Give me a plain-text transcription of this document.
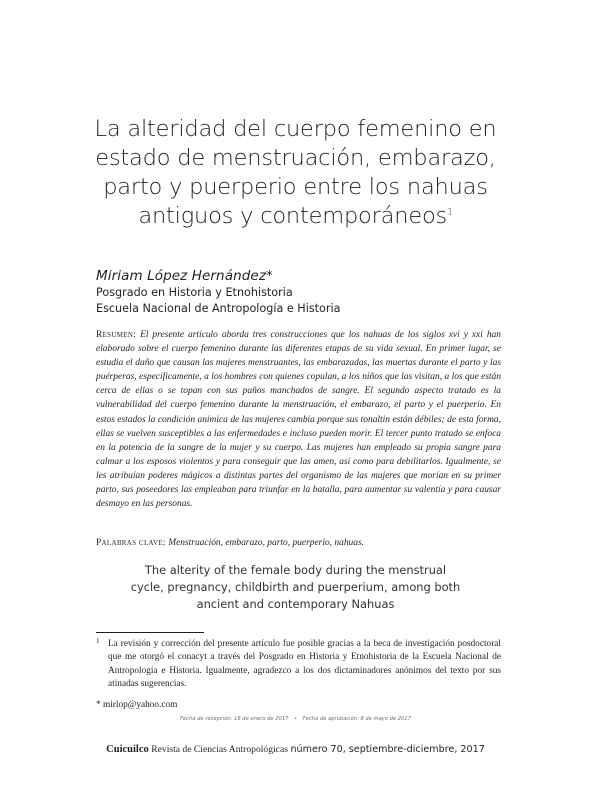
La alteridad del cuerpo femenino en
estado de menstruación, embarazo,
parto y puerperio entre los nahuas
antiguos y contemporáneos$^1$
Miriam López Hernández*
Posgrado en Historia y Etnohistoria
Escuela Nacional de Antropología e Historia
Resumen: El presente artículo aborda tres construcciones que los nahuas de los siglos xvi y xxi han elaborado sobre el cuerpo femenino durante las diferentes etapas de su vida sexual. En primer lugar, se estudia el daño que causan las mujeres menstruantes, las embarazadas, las muertas durante el parto y las puérperas, específicamente, a los hombres con quienes copulan, a los niños que las visitan, a los que están cerca de ellas o se topan con sus paños manchados de sangre. El segundo aspecto tratado es la vulnerabilidad del cuerpo femenino durante la menstruación, el embarazo, el parto y el puerperio. En estos estados la condición anímica de las mujeres cambia porque sus tonaltin están débiles; de esta forma, ellas se vuelven susceptibles a las enfermedades e incluso pueden morir. El tercer punto tratado se enfoca en la potencia de la sangre de la mujer y su cuerpo. Las mujeres han empleado su propia sangre para calmar a los esposos violentos y para conseguir que las amen, así como para debilitarlos. Igualmente, se les atribuían poderes mágicos a distintas partes del organismo de las mujeres que morían en su primer parto, sus poseedores las empleaban para triunfar en la batalla, para aumentar su valentía y para causar desmayo en las personas.
Palabras clave: Menstruación, embarazo, parto, puerperio, nahuas.
The alterity of the female body during the menstrual cycle, pregnancy, childbirth and puerperium, among both ancient and contemporary Nahuas
1 La revisión y corrección del presente artículo fue posible gracias a la beca de investigación posdoctoral que me otorgó el conacyt a través del Posgrado en Historia y Etnohistoria de la Escuela Nacional de Antropología e Historia. Igualmente, agradezco a los dos dictaminadores anónimos del texto por sus atinadas sugerencias.
* mirlop@yahoo.com
Fecha de recepción: 18 de enero de 2017 • Fecha de aprobación: 8 de mayo de 2017
Cuicuilco Revista de Ciencias Antropológicas número 70, septiembre-diciembre, 2017
